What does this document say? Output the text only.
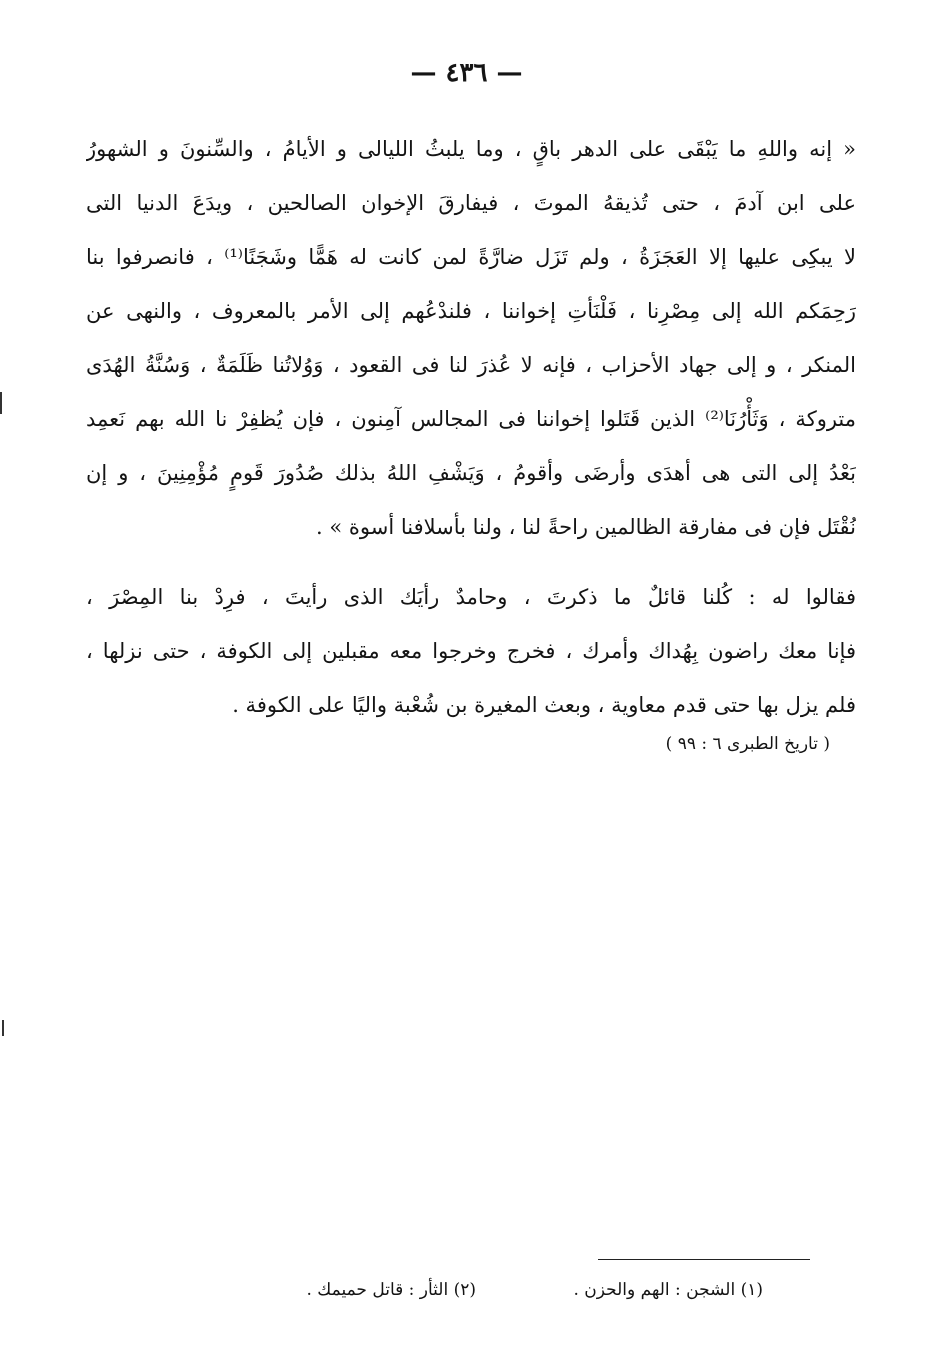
— ٤٣٦ —
« إنه واللهِ ما يَبْقَى على الدهر باقٍ ، وما يلبثُ الليالى و الأيامُ ، والسِّنونَ و الشهورُ
على ابن آدمَ ، حتى تُذيقهُ الموتَ ، فيفارقَ الإخوان الصالحين ، ويدَعَ الدنيا التى
لا يبكِى عليها إلا العَجَزَةُ ، ولم تَزَل ضارَّةً لمن كانت له هَمًّا وشَجَنًا⁽¹⁾ ، فانصرفوا بنا
رَحِمَكم الله إلى مِصْرِنا ، فَلْنَأتِ إخواننا ، فلندْعُهم إلى الأمر بالمعروف ، والنهى عن
المنكر ، و إلى جهاد الأحزاب ، فإنه لا عُذرَ لنا فى القعود ، وَوُلاتُنا ظَلَمَةٌ ، وَسُنَّةُ الهُدَى
متروكة ، وَثَأْرُنَا⁽²⁾ الذين قَتَلوا إخواننا فى المجالس آمِنون ، فإن يُظفِرْ نا الله بهم نَعمِد
بَعْدُ إلى التى هى أهدَى وأرضَى وأقومُ ، وَيَشْفِ اللهُ بذلك صُدُورَ قَومٍ مُؤْمِنِينَ ، و إن
نُقْتَل فإن فى مفارقة الظالمين راحةً لنا ، ولنا بأسلافنا أسوة » .
فقالوا له : كُلنا قائلٌ ما ذكرتَ ، وحامدٌ رأيَك الذى رأيتَ ، فرِدْ بنا المِصْرَ ،
فإنا معك راضون بِهُداك وأمرك ، فخرج وخرجوا معه مقبلين إلى الكوفة ، حتى نزلها ،
فلم يزل بها حتى قدم معاوية ، وبعث المغيرة بن شُعْبة واليًا على الكوفة .
( تاريخ الطبرى ٦ : ٩٩ )
(١) الشجن : الهم والحزن . (٢) الثأر : قاتل حميمك .
